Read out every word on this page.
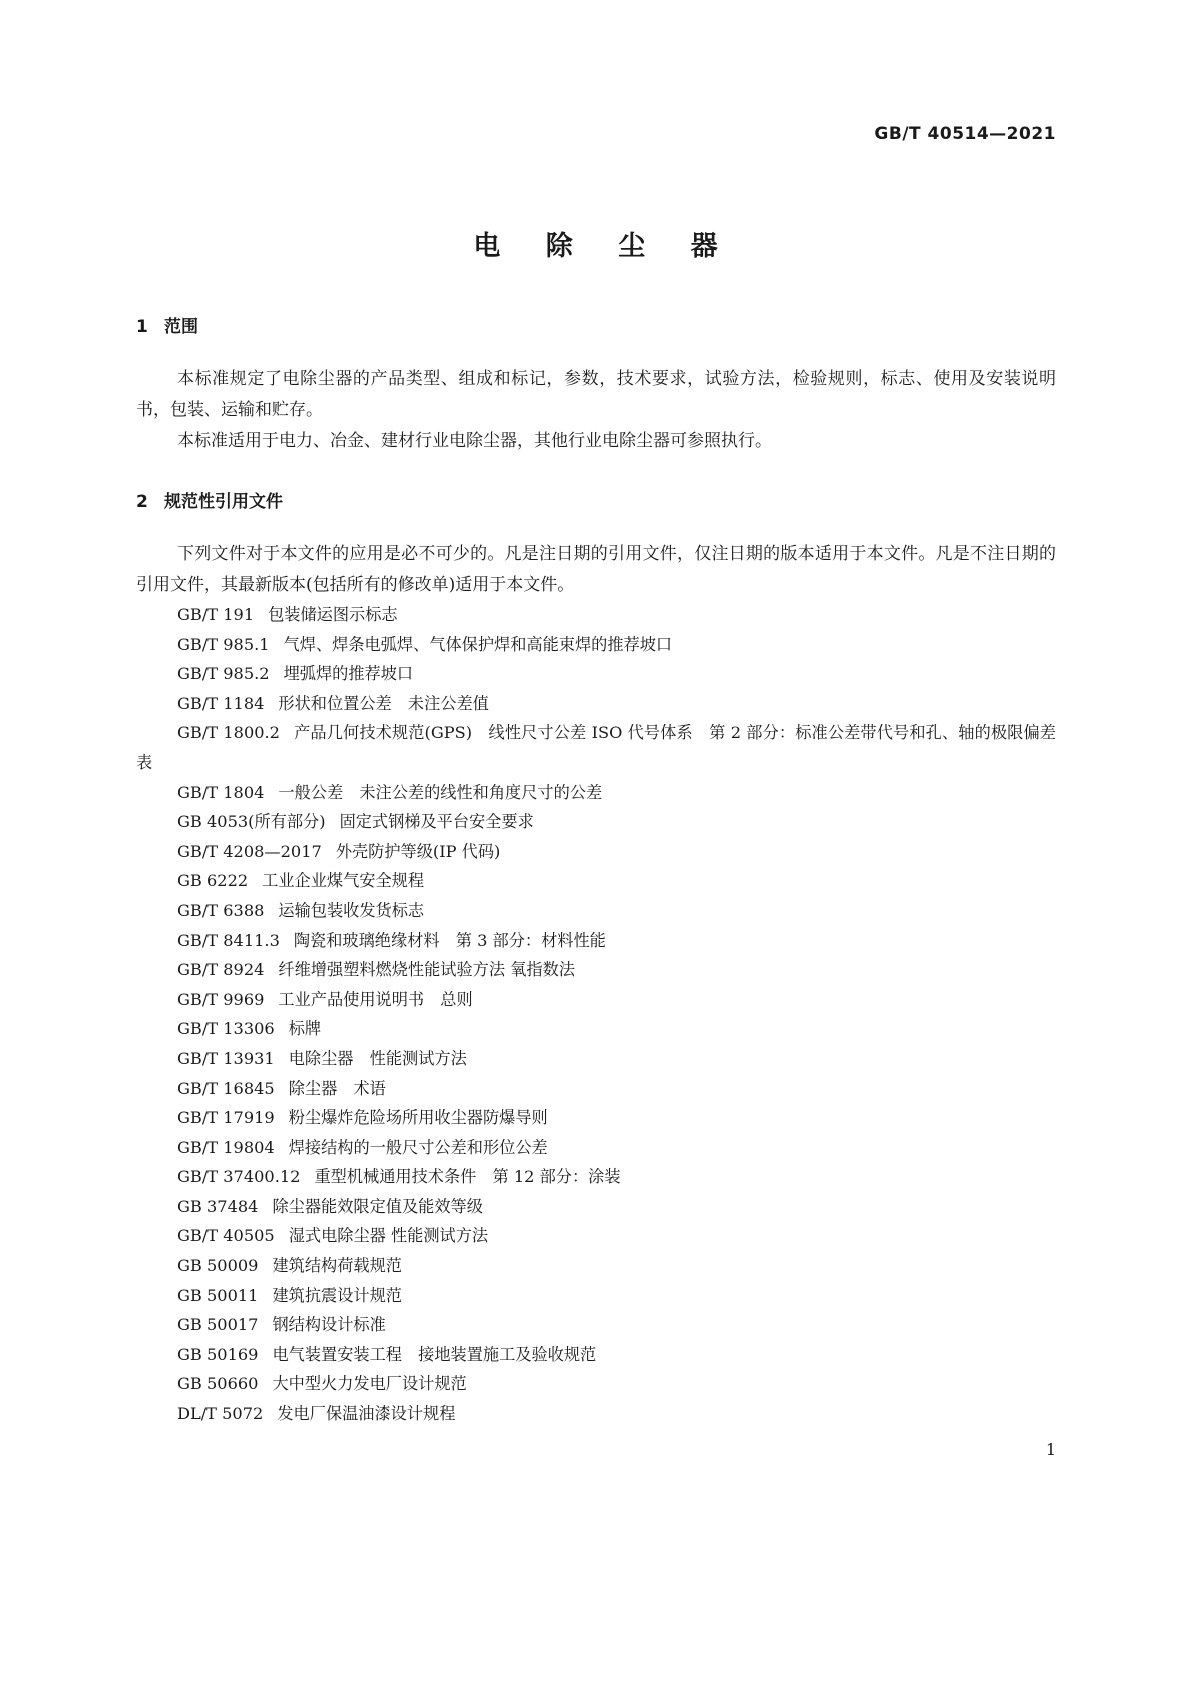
GB/T 40514—2021
电 除 尘 器
1 范围

本标准规定了电除尘器的产品类型、组成和标记，参数，技术要求，试验方法，检验规则，标志、使用及安装说明书，包装、运输和贮存。

本标准适用于电力、冶金、建材行业电除尘器，其他行业电除尘器可参照执行。

2 规范性引用文件

下列文件对于本文件的应用是必不可少的。凡是注日期的引用文件，仅注日期的版本适用于本文件。凡是不注日期的引用文件，其最新版本(包括所有的修改单)适用于本文件。

GB/T 191 包装储运图示标志
GB/T 985.1 气焊、焊条电弧焊、气体保护焊和高能束焊的推荐坡口
GB/T 985.2 埋弧焊的推荐坡口
GB/T 1184 形状和位置公差　未注公差值
GB/T 1800.2 产品几何技术规范(GPS)　线性尺寸公差 ISO 代号体系　第 2 部分：标准公差带代号和孔、轴的极限偏差表
GB/T 1804 一般公差　未注公差的线性和角度尺寸的公差
GB 4053(所有部分) 固定式钢梯及平台安全要求
GB/T 4208—2017 外壳防护等级(IP 代码)
GB 6222 工业企业煤气安全规程
GB/T 6388 运输包装收发货标志
GB/T 8411.3 陶瓷和玻璃绝缘材料　第 3 部分：材料性能
GB/T 8924 纤维增强塑料燃烧性能试验方法 氧指数法
GB/T 9969 工业产品使用说明书　总则
GB/T 13306 标牌
GB/T 13931 电除尘器　性能测试方法
GB/T 16845 除尘器　术语
GB/T 17919 粉尘爆炸危险场所用收尘器防爆导则
GB/T 19804 焊接结构的一般尺寸公差和形位公差
GB/T 37400.12 重型机械通用技术条件　第 12 部分：涂装
GB 37484 除尘器能效限定值及能效等级
GB/T 40505 湿式电除尘器 性能测试方法
GB 50009 建筑结构荷载规范
GB 50011 建筑抗震设计规范
GB 50017 钢结构设计标准
GB 50169 电气装置安装工程　接地装置施工及验收规范
GB 50660 大中型火力发电厂设计规范
DL/T 5072 发电厂保温油漆设计规程
1
